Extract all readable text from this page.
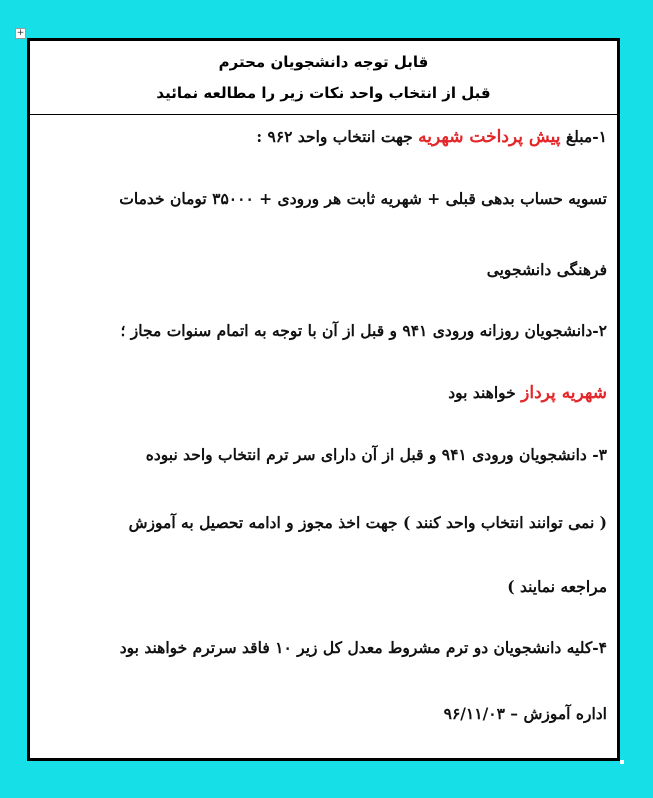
+
قابل توجه دانشجویان محترم
قبل از انتخاب واحد نکات زیر را مطالعه نمائید
۱-مبلغ پیش پرداخت شهریه جهت انتخاب واحد ۹۶۲ :
تسویه حساب بدهی قبلی + شهریه ثابت هر ورودی + ۳۵۰۰۰ تومان خدمات
فرهنگی دانشجویی
۲-دانشجویان روزانه ورودی ۹۴۱ و قبل از آن با توجه به اتمام سنوات مجاز ؛
شهریه پرداز خواهند بود
۳- دانشجویان ورودی ۹۴۱ و قبل از آن دارای سر ترم انتخاب واحد نبوده
( نمی توانند انتخاب واحد کنند ) جهت اخذ مجوز و ادامه تحصیل به آموزش
مراجعه نمایند )
۴-کلیه دانشجویان دو ترم مشروط معدل کل زیر ۱۰ فاقد سرترم خواهند بود
اداره آموزش – ۹۶/۱۱/۰۳
